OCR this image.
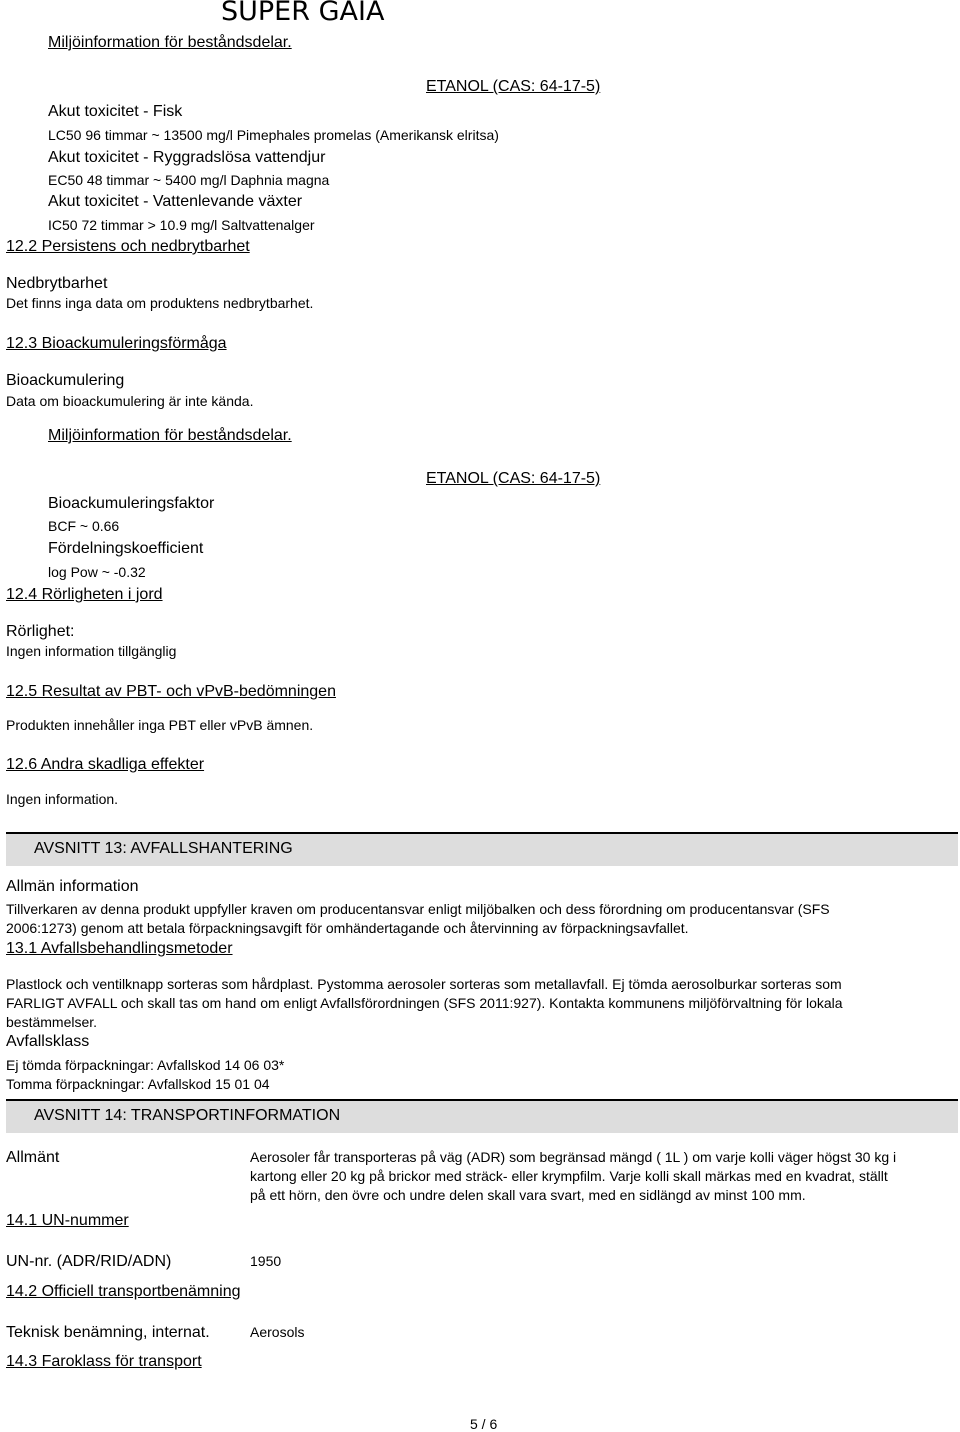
SUPER GAIA
Miljöinformation för beståndsdelar.
ETANOL (CAS: 64-17-5)
Akut toxicitet - Fisk
LC50 96 timmar ~ 13500 mg/l Pimephales promelas (Amerikansk elritsa)
Akut toxicitet - Ryggradslösa vattendjur
EC50 48 timmar ~ 5400 mg/l Daphnia magna
Akut toxicitet - Vattenlevande växter
IC50 72 timmar > 10.9 mg/l Saltvattenalger
12.2 Persistens och nedbrytbarhet
Nedbrytbarhet
Det finns inga data om produktens nedbrytbarhet.
12.3 Bioackumuleringsförmåga
Bioackumulering
Data om bioackumulering är inte kända.
Miljöinformation för beståndsdelar.
ETANOL (CAS: 64-17-5)
Bioackumuleringsfaktor
BCF ~ 0.66
Fördelningskoefficient
log Pow ~ -0.32
12.4 Rörligheten i jord
Rörlighet:
Ingen information tillgänglig
12.5 Resultat av PBT- och vPvB-bedömningen
Produkten innehåller inga PBT eller vPvB ämnen.
12.6 Andra skadliga effekter
Ingen information.
AVSNITT 13: AVFALLSHANTERING
Allmän information
Tillverkaren av denna produkt uppfyller kraven om producentansvar enligt miljöbalken och dess förordning om producentansvar (SFS
2006:1273) genom att betala förpackningsavgift för omhändertagande och återvinning av förpackningsavfallet.
13.1 Avfallsbehandlingsmetoder
Plastlock och ventilknapp sorteras som hårdplast. Pystomma aerosoler sorteras som metallavfall. Ej tömda aerosolburkar sorteras som
FARLIGT AVFALL och skall tas om hand om enligt Avfallsförordningen (SFS 2011:927). Kontakta kommunens miljöförvaltning för lokala
bestämmelser.
Avfallsklass
Ej tömda förpackningar: Avfallskod 14 06 03*
Tomma förpackningar: Avfallskod 15 01 04
AVSNITT 14: TRANSPORTINFORMATION
Allmänt	Aerosoler får transporteras på väg (ADR) som begränsad mängd ( 1L ) om varje kolli väger högst 30 kg i
kartong eller 20 kg på brickor med sträck- eller krympfilm. Varje kolli skall märkas med en kvadrat, ställt
på ett hörn, den övre och undre delen skall vara svart, med en sidlängd av minst 100 mm.
14.1 UN-nummer
UN-nr. (ADR/RID/ADN)	1950
14.2 Officiell transportbenämning
Teknisk benämning, internat.	Aerosols
14.3 Faroklass för transport
5 / 6
